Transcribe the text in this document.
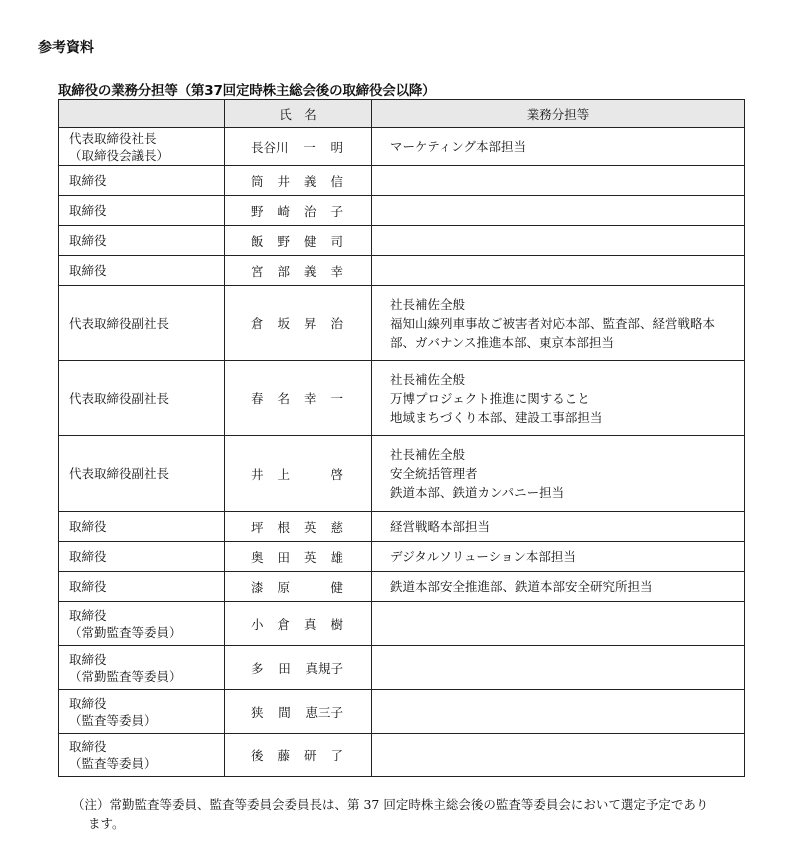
参考資料
取締役の業務分担等（第37回定時株主総会後の取締役会以降）
	氏　名	業務分担等

代表取締役社長
（取締役会議長）	長谷川 一 明	マーケティング本部担当

取締役	筒 井 義 信	

取締役	野 崎 治 子	

取締役	飯 野 健 司	

取締役	宮 部 義 幸	

代表取締役副社長	倉 坂 昇 治	社長補佐全般
福知山線列車事故ご被害者対応本部、監査部、経営戦略本
部、ガバナンス推進本部、東京本部担当

代表取締役副社長	春 名 幸 一	社長補佐全般
万博プロジェクト推進に関すること
地域まちづくり本部、建設工事部担当

代表取締役副社長	井 上 啓	社長補佐全般
安全統括管理者
鉄道本部、鉄道カンパニー担当

取締役	坪 根 英 慈	経営戦略本部担当

取締役	奥 田 英 雄	デジタルソリューション本部担当

取締役	漆 原 健	鉄道本部安全推進部、鉄道本部安全研究所担当

取締役
（常勤監査等委員）	小 倉 真 樹	

取締役
（常勤監査等委員）	多 田 真規子	

取締役
（監査等委員）	狭 間 恵三子	

取締役
（監査等委員）	後 藤 研 了	

（注）常勤監査等委員、監査等委員会委員長は、第 37 回定時株主総会後の監査等委員会において選定予定であり
ます。
